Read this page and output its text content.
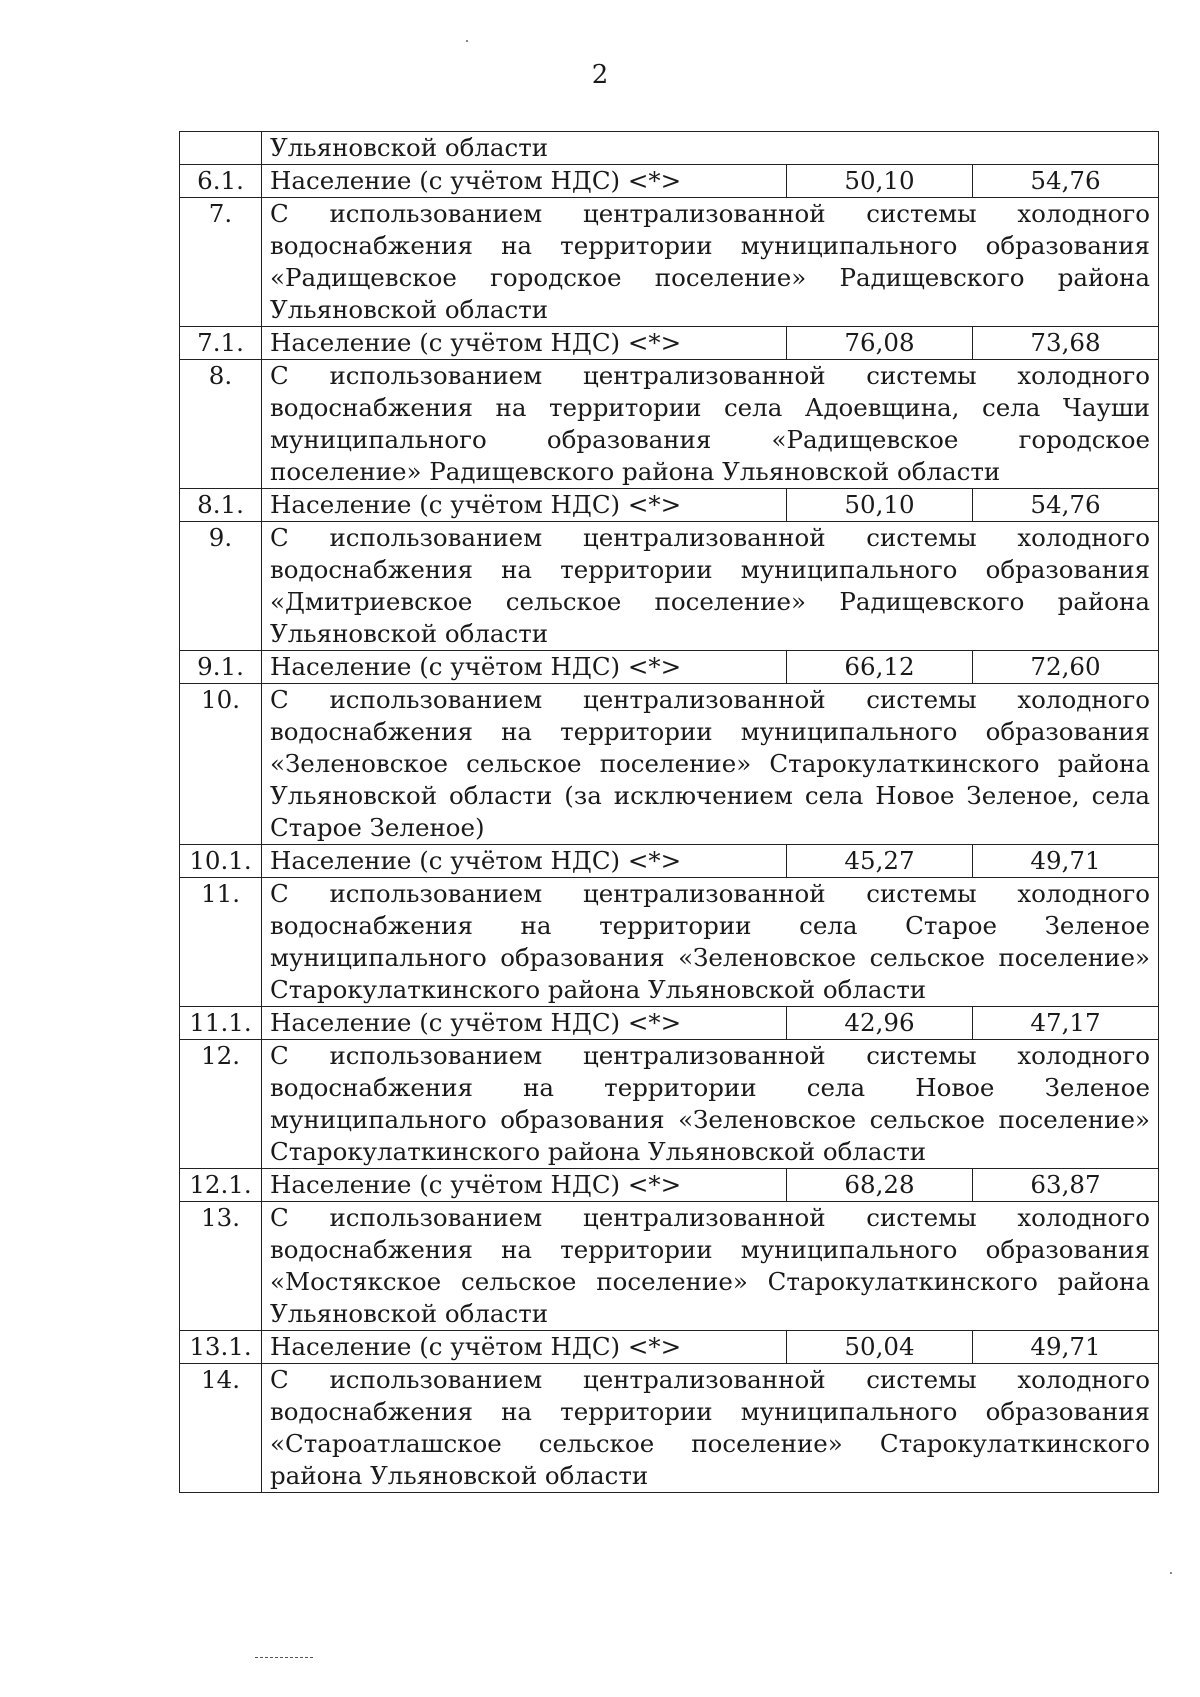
2
	Ульяновской области		
6.1.	Население (с учётом НДС) <*>	50,10	54,76
7.	С использованием централизованной системы холодного водоснабжения на территории муниципального образования «Радищевское городское поселение» Радищевского района Ульяновской области		
7.1.	Население (с учётом НДС) <*>	76,08	73,68
8.	С использованием централизованной системы холодного водоснабжения на территории села Адоевщина, села Чауши муниципального образования «Радищевское городское поселение» Радищевского района Ульяновской области		
8.1.	Население (с учётом НДС) <*>	50,10	54,76
9.	С использованием централизованной системы холодного водоснабжения на территории муниципального образования «Дмитриевское сельское поселение» Радищевского района Ульяновской области		
9.1.	Население (с учётом НДС) <*>	66,12	72,60
10.	С использованием централизованной системы холодного водоснабжения на территории муниципального образования «Зеленовское сельское поселение» Старокулаткинского района Ульяновской области (за исключением села Новое Зеленое, села Старое Зеленое)		
10.1.	Население (с учётом НДС) <*>	45,27	49,71
11.	С использованием централизованной системы холодного водоснабжения на территории села Старое Зеленое муниципального образования «Зеленовское сельское поселение» Старокулаткинского района Ульяновской области		
11.1.	Население (с учётом НДС) <*>	42,96	47,17
12.	С использованием централизованной системы холодного водоснабжения на территории села Новое Зеленое муниципального образования «Зеленовское сельское поселение» Старокулаткинского района Ульяновской области		
12.1.	Население (с учётом НДС) <*>	68,28	63,87
13.	С использованием централизованной системы холодного водоснабжения на территории муниципального образования «Мостякское сельское поселение» Старокулаткинского района Ульяновской области		
13.1.	Население (с учётом НДС) <*>	50,04	49,71
14.	С использованием централизованной системы холодного водоснабжения на территории муниципального образования «Староатлашское сельское поселение» Старокулаткинского района Ульяновской области		
